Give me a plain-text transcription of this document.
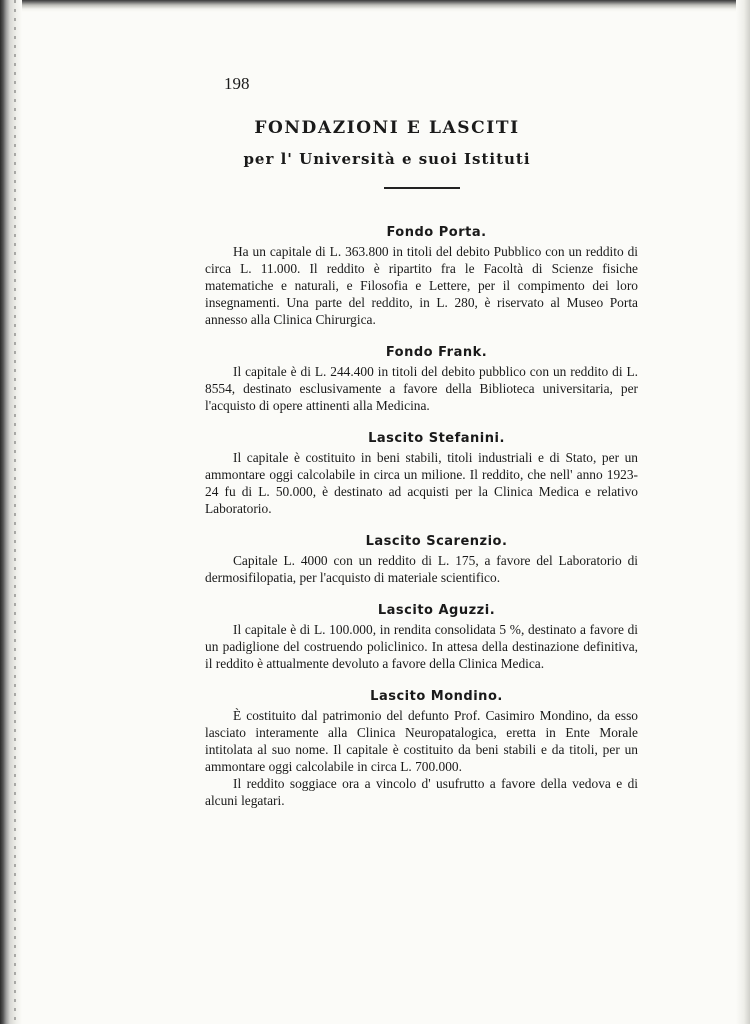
198
FONDAZIONI E LASCITI
per l' Università e suoi Istituti
Fondo Porta.

Ha un capitale di L. 363.800 in titoli del debito Pubblico con un reddito di circa L. 11.000. Il reddito è ripartito fra le Facoltà di Scienze fisiche matematiche e naturali, e Filosofia e Lettere, per il compimento dei loro insegnamenti. Una parte del reddito, in L. 280, è riservato al Museo Porta annesso alla Clinica Chirurgica.

Fondo Frank.

Il capitale è di L. 244.400 in titoli del debito pubblico con un reddito di L. 8554, destinato esclusivamente a favore della Biblioteca universitaria, per l'acquisto di opere attinenti alla Medicina.

Lascito Stefanini.

Il capitale è costituito in beni stabili, titoli industriali e di Stato, per un ammontare oggi calcolabile in circa un milione. Il reddito, che nell' anno 1923-24 fu di L. 50.000, è destinato ad acquisti per la Clinica Medica e relativo Laboratorio.

Lascito Scarenzio.

Capitale L. 4000 con un reddito di L. 175, a favore del Laboratorio di dermosifilopatia, per l'acquisto di materiale scientifico.

Lascito Aguzzi.

Il capitale è di L. 100.000, in rendita consolidata 5 %, destinato a favore di un padiglione del costruendo policlinico. In attesa della destinazione definitiva, il reddito è attualmente devoluto a favore della Clinica Medica.

Lascito Mondino.

È costituito dal patrimonio del defunto Prof. Casimiro Mondino, da esso lasciato interamente alla Clinica Neuropatalogica, eretta in Ente Morale intitolata al suo nome. Il capitale è costituito da beni stabili e da titoli, per un ammontare oggi calcolabile in circa L. 700.000.

Il reddito soggiace ora a vincolo d' usufrutto a favore della vedova e di alcuni legatari.
